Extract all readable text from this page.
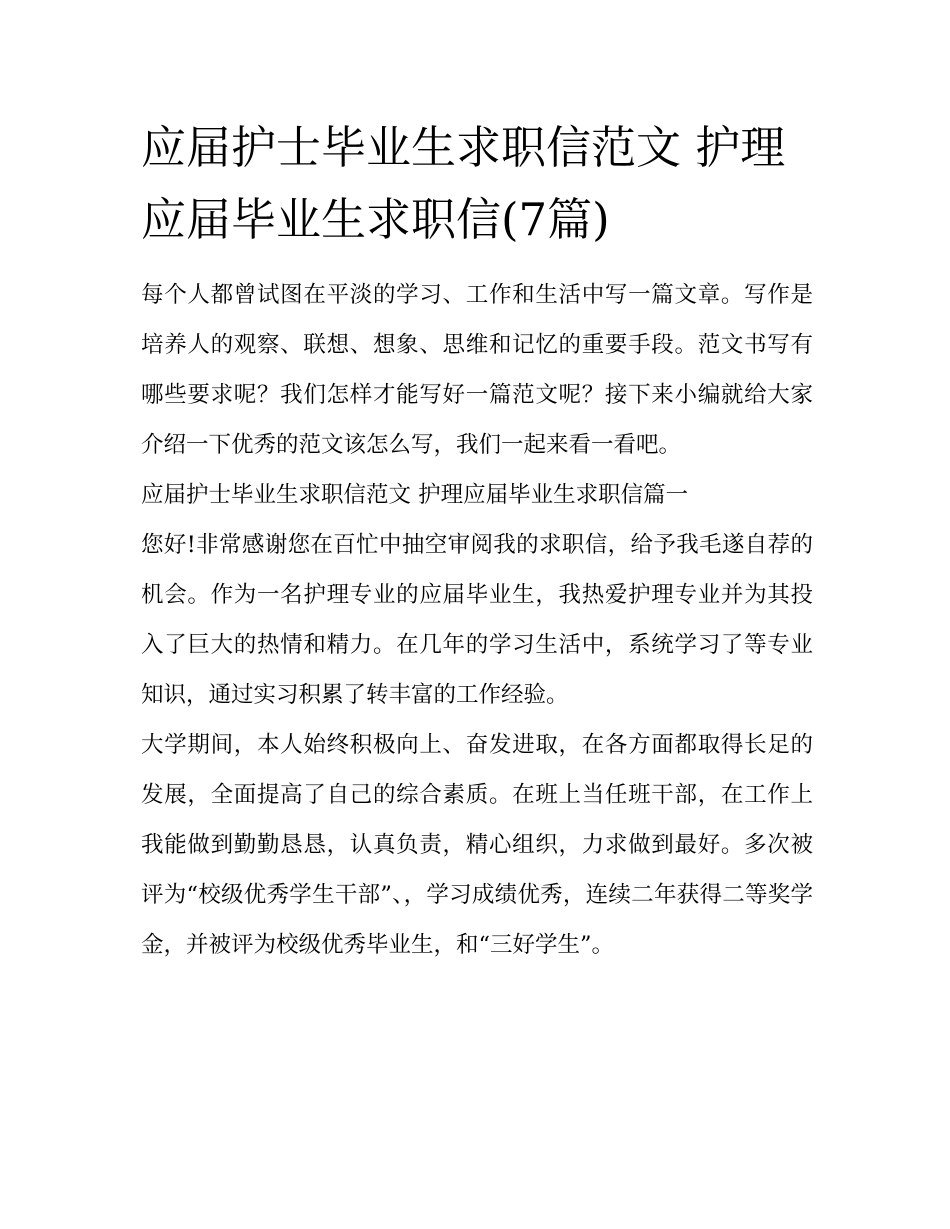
应届护士毕业生求职信范文 护理应届毕业生求职信(7篇)

每个人都曾试图在平淡的学习、工作和生活中写一篇文章。写作是培养人的观察、联想、想象、思维和记忆的重要手段。范文书写有哪些要求呢？我们怎样才能写好一篇范文呢？接下来小编就给大家介绍一下优秀的范文该怎么写，我们一起来看一看吧。

应届护士毕业生求职信范文 护理应届毕业生求职信篇一

您好!非常感谢您在百忙中抽空审阅我的求职信，给予我毛遂自荐的机会。作为一名护理专业的应届毕业生，我热爱护理专业并为其投入了巨大的热情和精力。在几年的学习生活中，系统学习了等专业知识，通过实习积累了转丰富的工作经验。

大学期间，本人始终积极向上、奋发进取，在各方面都取得长足的发展，全面提高了自己的综合素质。在班上当任班干部，在工作上我能做到勤勤恳恳，认真负责，精心组织，力求做到最好。多次被评为“校级优秀学生干部”、，学习成绩优秀，连续二年获得二等奖学金，并被评为校级优秀毕业生，和“三好学生”。
